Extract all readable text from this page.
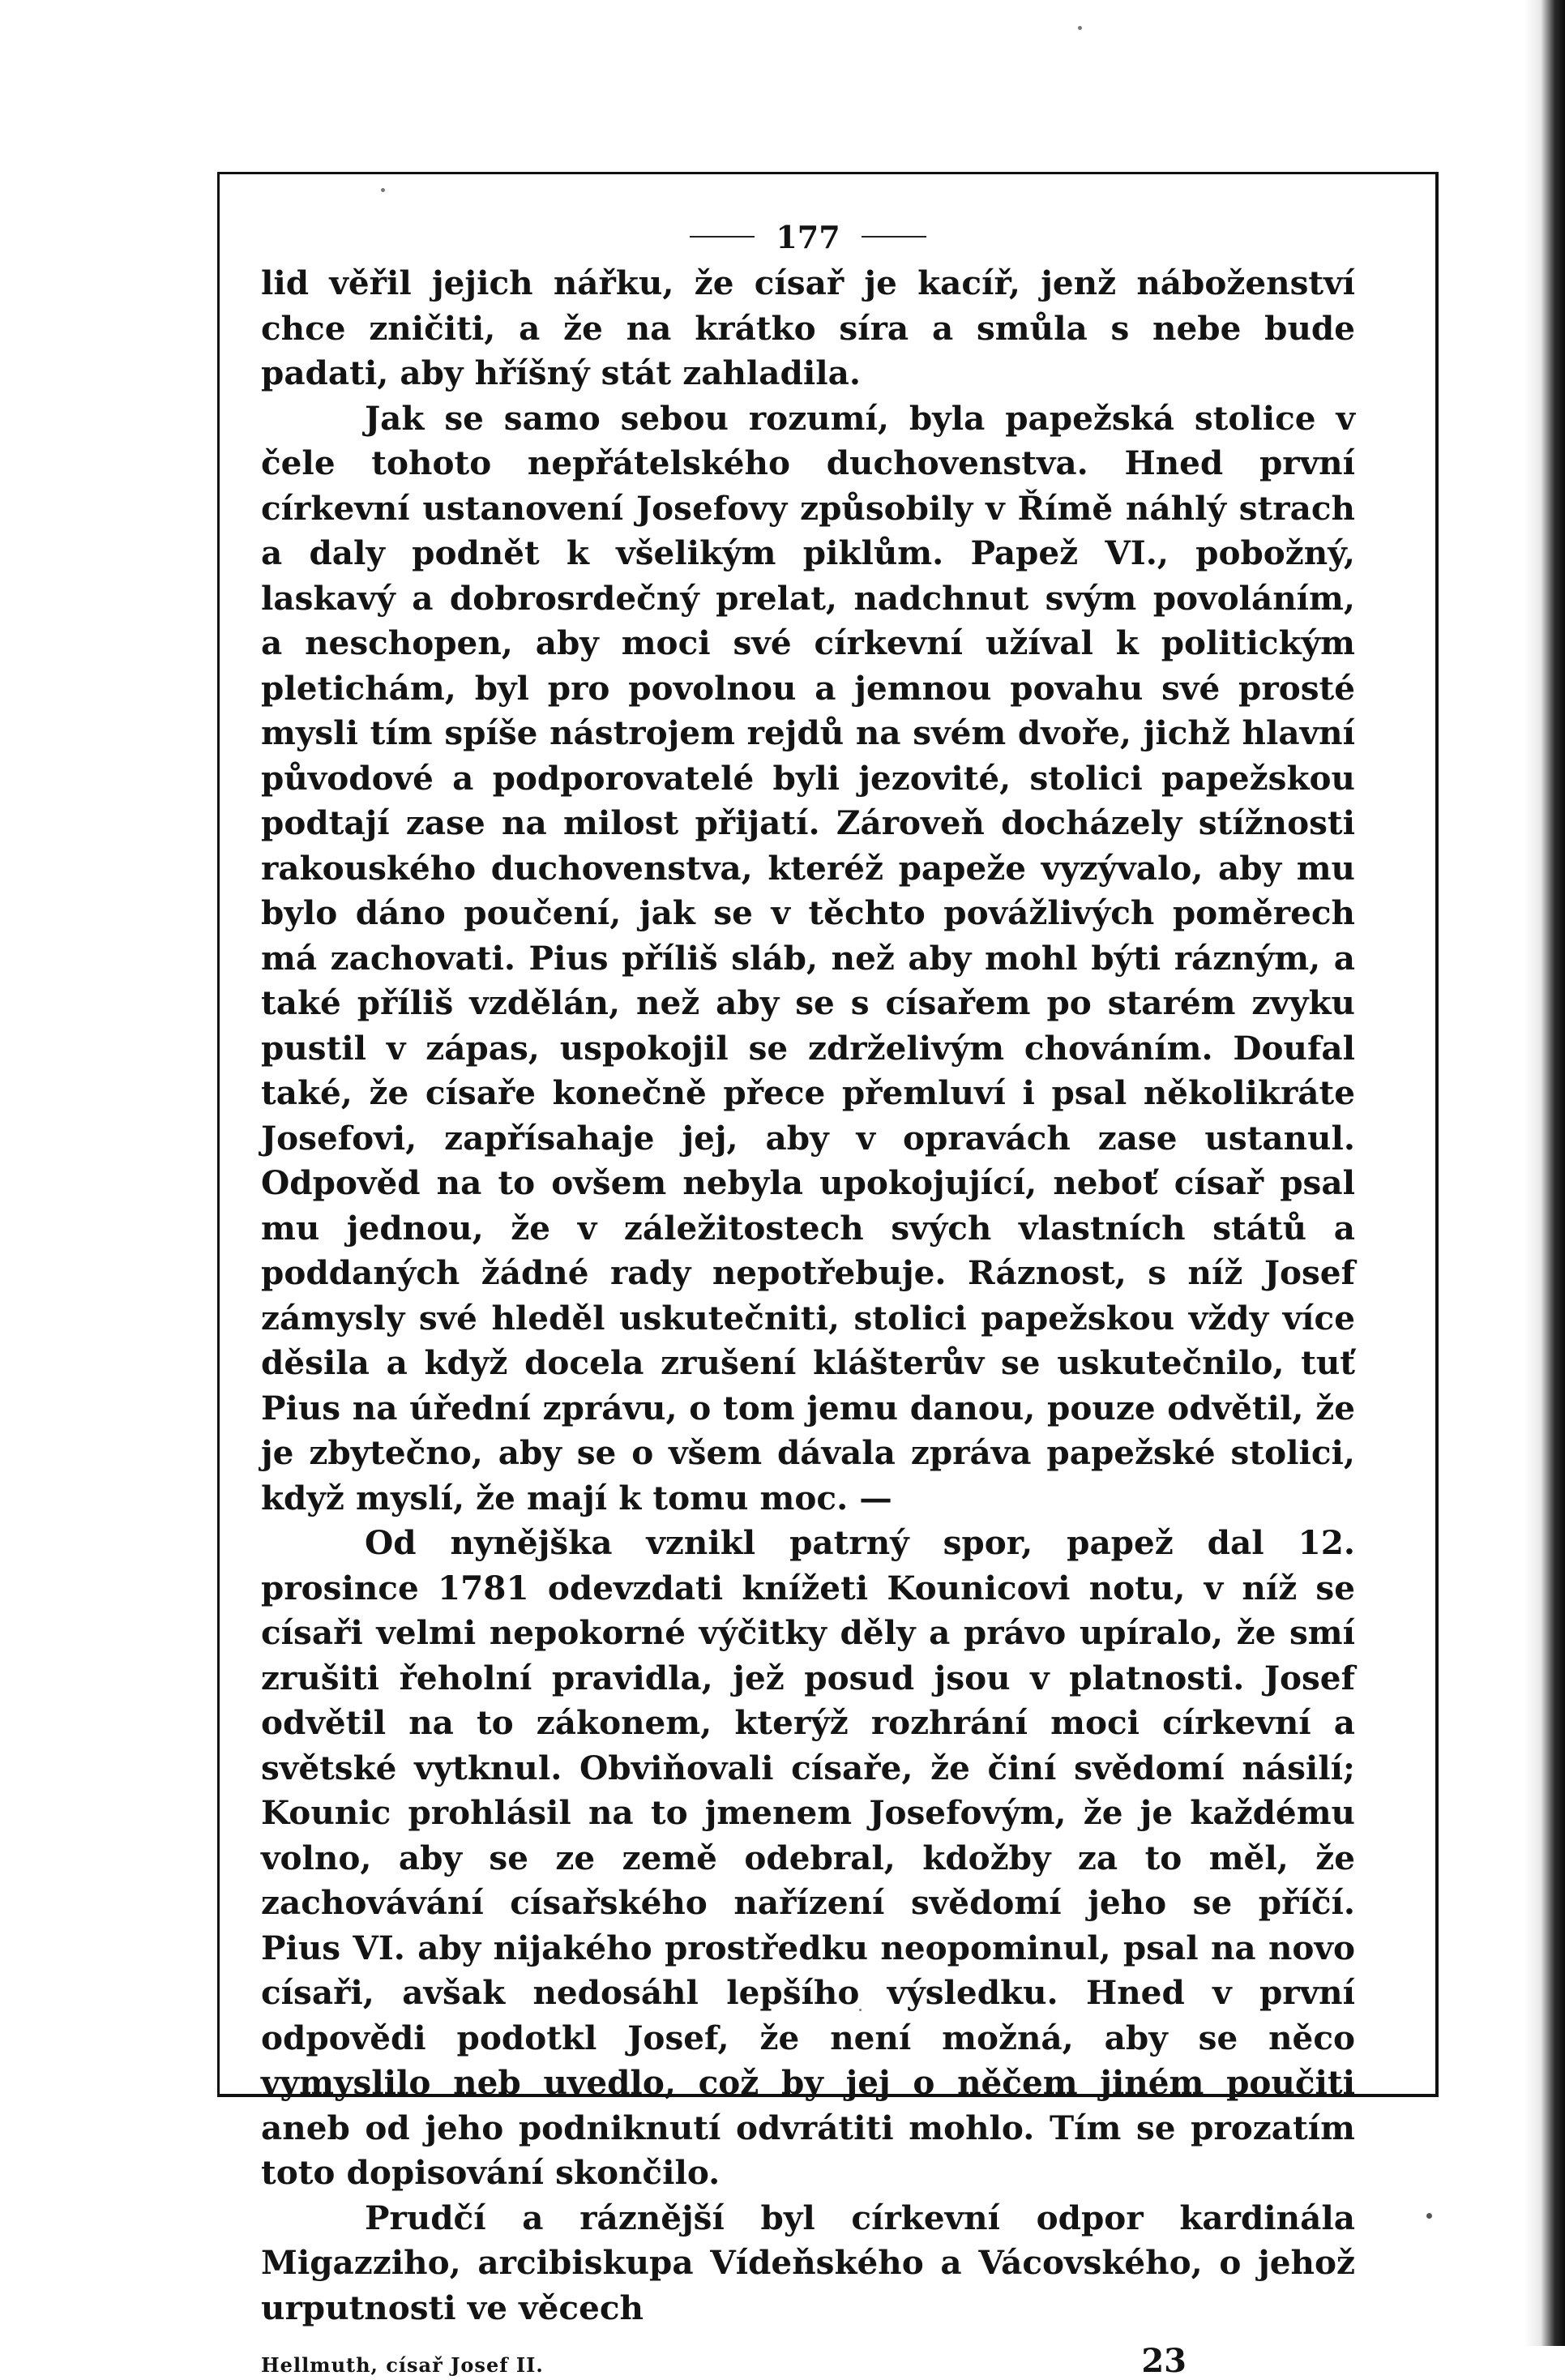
177

lid věřil jejich nářku, že císař je kacíř, jenž náboženství chce zničiti, a že na krátko síra a smůla s nebe bude padati, aby hříšný stát zahladila.

Jak se samo sebou rozumí, byla papežská stolice v čele tohoto nepřátelského duchovenstva. Hned první církevní ustanovení Josefovy způsobily v Římě náhlý strach a daly podnět k všelikým piklům. Papež VI., pobožný, laskavý a dobrosrdečný prelat, nadchnut svým povoláním, a neschopen, aby moci své církevní užíval k politickým pletichám, byl pro povolnou a jemnou povahu své prosté mysli tím spíše nástrojem rejdů na svém dvoře, jichž hlavní původové a podporovatelé byli jezovité, stolici papežskou podtají zase na milost přijatí. Zároveň docházely stížnosti rakouského duchovenstva, kteréž papeže vyzývalo, aby mu bylo dáno poučení, jak se v těchto povážlivých poměrech má zachovati. Pius příliš sláb, než aby mohl býti rázným, a také příliš vzdělán, než aby se s císařem po starém zvyku pustil v zápas, uspokojil se zdrželivým chováním. Doufal také, že císaře konečně přece přemluví i psal několikráte Josefovi, zapřísahaje jej, aby v opravách zase ustanul. Odpověd na to ovšem nebyla upokojující, neboť císař psal mu jednou, že v záležitostech svých vlastních států a poddaných žádné rady nepotřebuje. Ráznost, s níž Josef zámysly své hleděl uskutečniti, stolici papežskou vždy více děsila a když docela zrušení klášterův se uskutečnilo, tuť Pius na úřední zprávu, o tom jemu danou, pouze odvětil, že je zbytečno, aby se o všem dávala zpráva papežské stolici, když myslí, že mají k tomu moc. —

Od nynějška vznikl patrný spor, papež dal 12. prosince 1781 odevzdati knížeti Kounicovi notu, v níž se císaři velmi nepokorné výčitky děly a právo upíralo, že smí zrušiti řeholní pravidla, jež posud jsou v platnosti. Josef odvětil na to zákonem, kterýž rozhrání moci církevní a světské vytknul. Obviňovali císaře, že činí svědomí násilí; Kounic prohlásil na to jmenem Josefovým, že je každému volno, aby se ze země odebral, kdožby za to měl, že zachovávání císařského nařízení svědomí jeho se příčí. Pius VI. aby nijakého prostředku neopominul, psal na novo císaři, avšak nedosáhl lepšího výsledku. Hned v první odpovědi podotkl Josef, že není možná, aby se něco vymyslilo neb uvedlo, což by jej o něčem jiném poučiti aneb od jeho podniknutí odvrátiti mohlo. Tím se prozatím toto dopisování skončilo.

Prudčí a ráznější byl církevní odpor kardinála Migazziho, arcibiskupa Vídeňského a Vácovského, o jehož urputnosti ve věcech

Hellmuth, císař Josef II.	23
